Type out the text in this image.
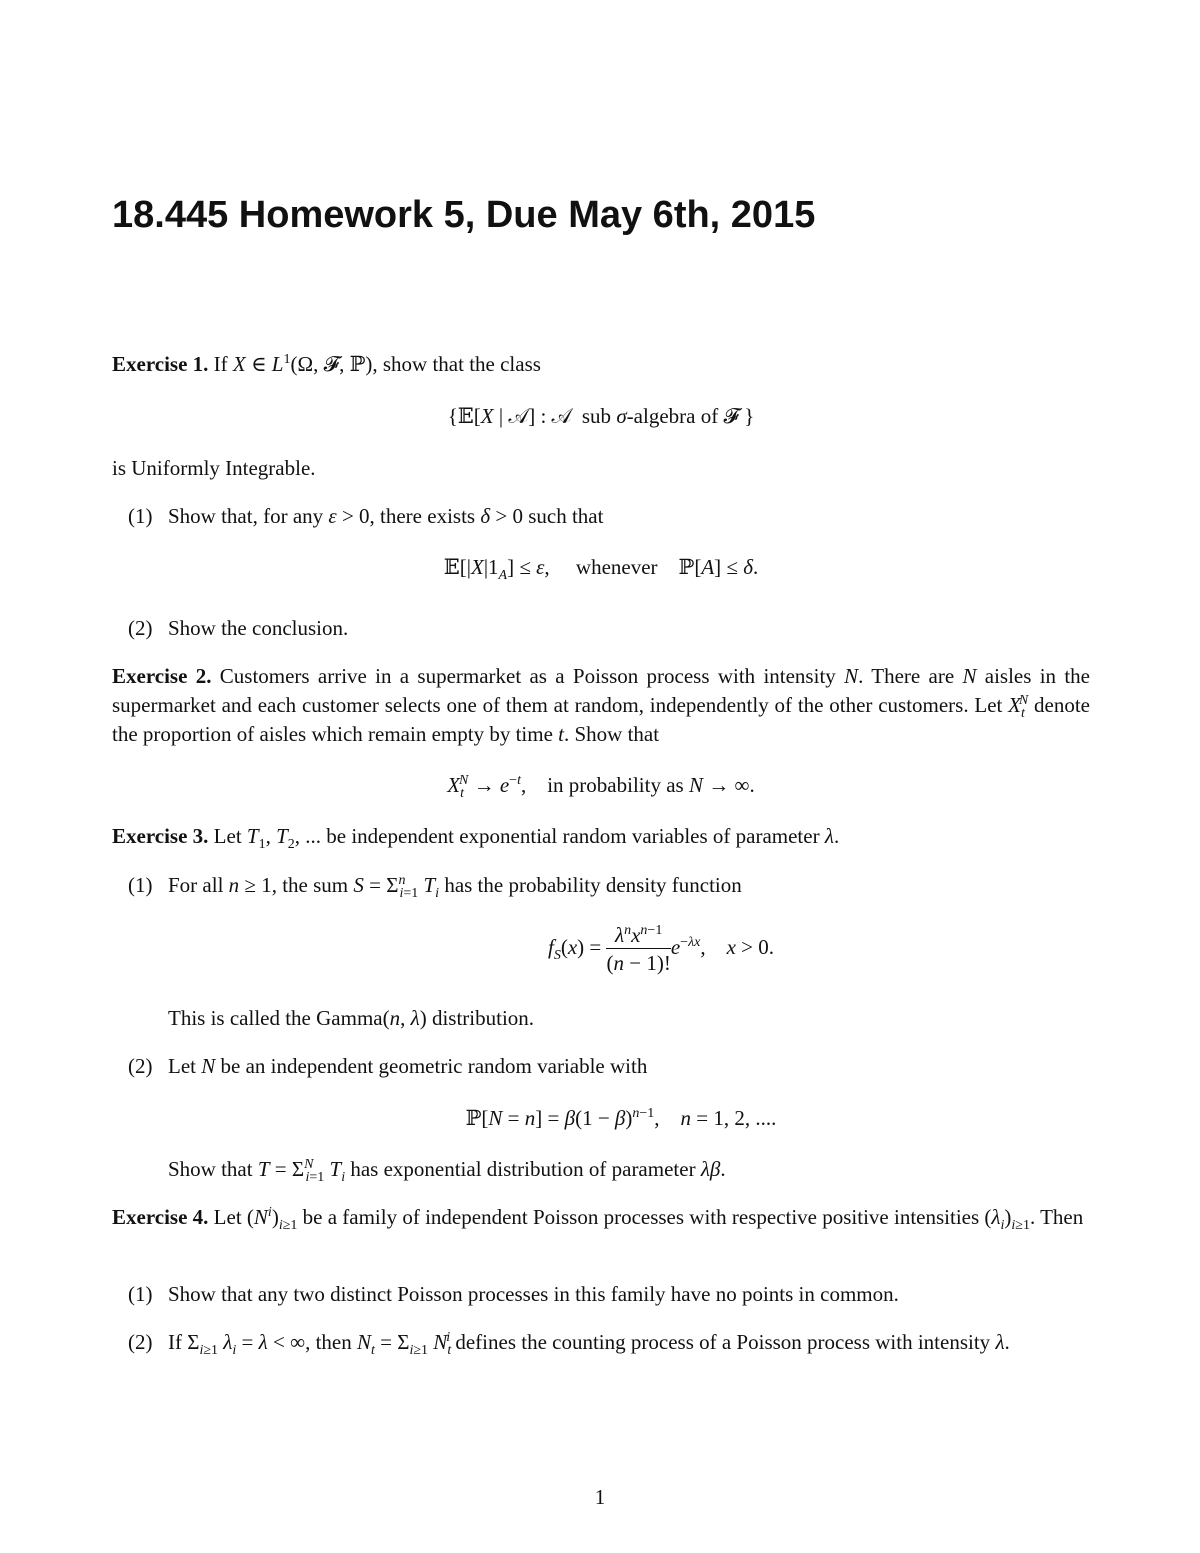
18.445 Homework 5, Due May 6th, 2015
Exercise 1. If X ∈ $L^1(\Omega$, 𝓕, ℙ), show that the class
{𝔼[X | 𝒜] : 𝒜  sub σ-algebra of 𝓕 }
is Uniformly Integrable.
(1) Show that, for any ε > 0, there exists δ > 0 such that
$𝔼[|X|1_A] \le \varepsilon$,     whenever    ℙ[A] ≤ δ.
(2) Show the conclusion.
Exercise 2. Customers arrive in a supermarket as a Poisson process with intensity N. There are N aisles in the supermarket and each customer selects one of them at random, independently of the other customers. Let $X_t^N$ denote the proportion of aisles which remain empty by time t. Show that
$X_t^N \to e^{-t}$,    in probability as N → ∞.
Exercise 3. Let $T_1$, $T_2$, ... be independent exponential random variables of parameter λ.
(1) For all n ≥ 1, the sum $S = \Sigma^n_{i=1}$ $T_i$ has the probability density function
$f_S(x) = \frac{\lambda^nx^{n-1}}{(n - 1)!} e^{-\lambda x}$,    x > 0.
This is called the Gamma(n, λ) distribution.
(2) Let N be an independent geometric random variable with
ℙ[N = $n] = \beta(1 - \beta)^{n-1}$,    n = 1, 2, ....
Show that $T = \Sigma^N_{i=1}$ $T_i$ has exponential distribution of parameter λβ.
Exercise 4. Let $(N^i)_{i\ge 1}$ be a family of independent Poisson processes with respective positive intensities $(\lambda_i)_{i\ge 1}$. Then
(1) Show that any two distinct Poisson processes in this family have no points in common.
(2) If $\Sigma_{i\ge 1}$ $\lambda_i = \lambda$ < ∞, then $N_t = \Sigma_{i\ge 1}$ $N_t^i$ defines the counting process of a Poisson process with intensity λ.
1
